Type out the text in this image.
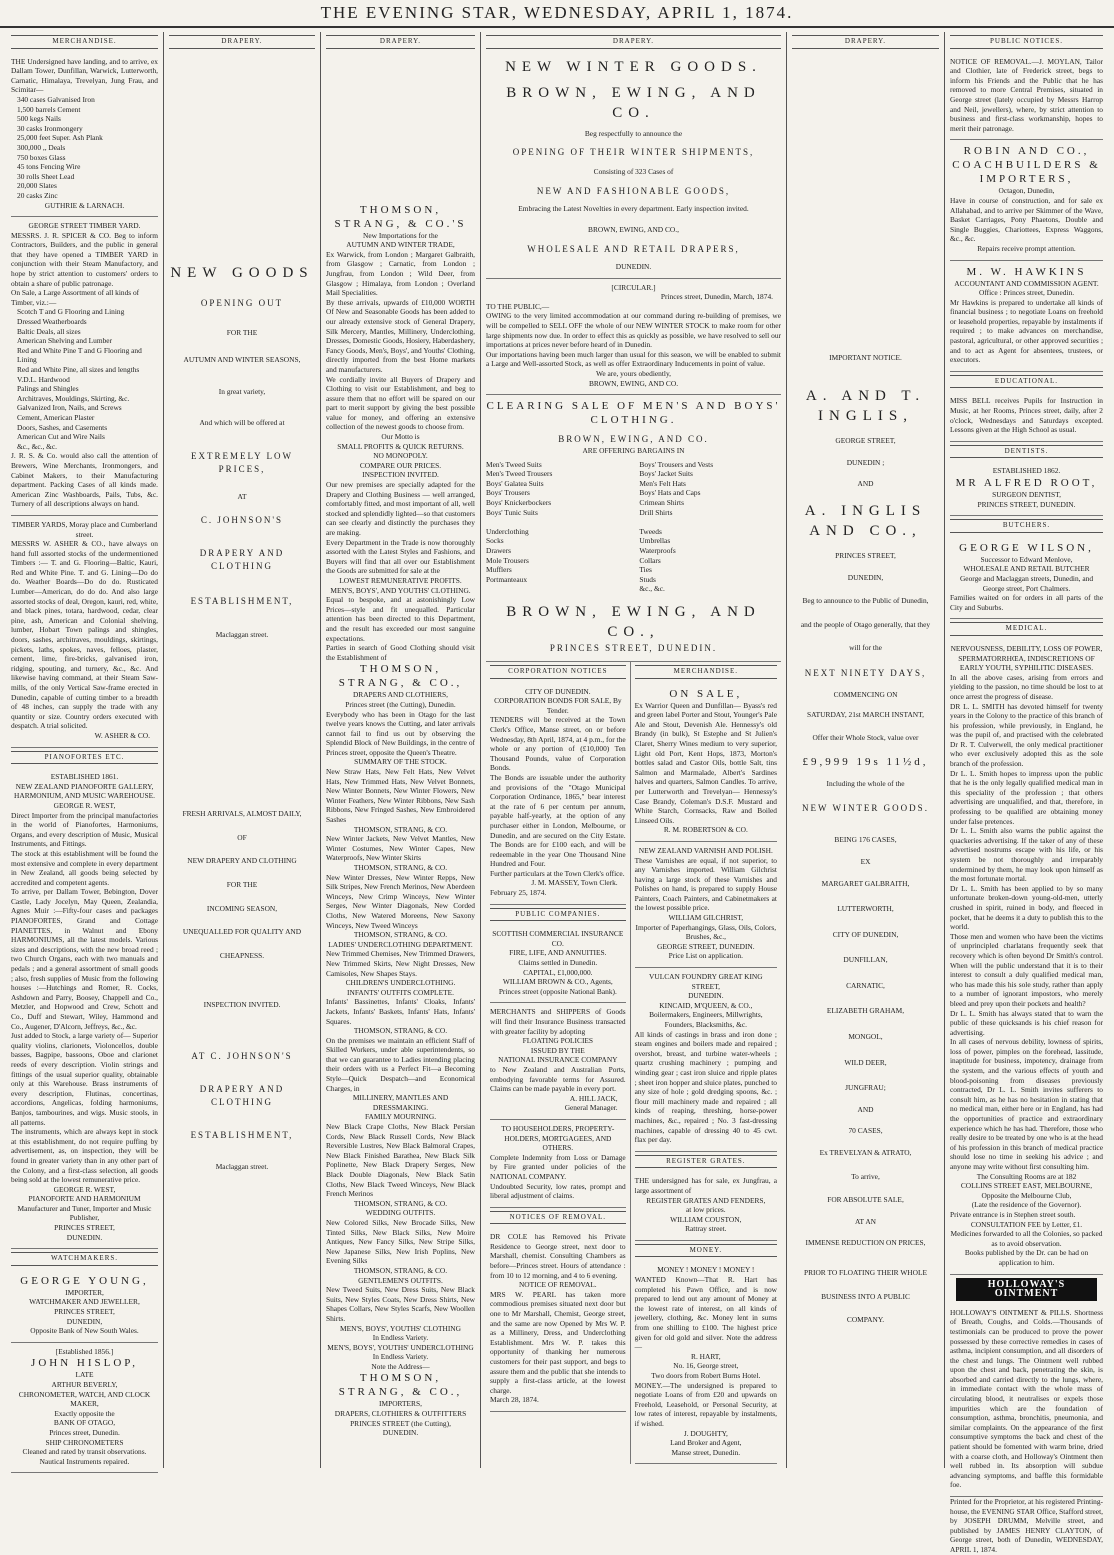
THE EVENING STAR, WEDNESDAY, APRIL 1, 1874.
MERCHANDISE.
THE Undersigned have landing, and to arrive, ex Dallam Tower, Dunfillan, Warwick, Lutterworth, Carnatic, Himalaya, Trevelyan, Jung Frau, and Scimitar—
340 cases Galvanised Iron
1,500 barrels Cement
500 kegs Nails
30 casks Ironmongery
25,000 feet Super. Ash Plank
300,000 ,, Deals
750 boxes Glass
45 tons Fencing Wire
30 rolls Sheet Lead
20,000 Slates
20 casks Zinc
GUTHRIE & LARNACH.
GEORGE STREET TIMBER YARD.
MESSRS. J. R. SPICER & CO. Beg to inform Contractors, Builders, and the public in general that they have opened a TIMBER YARD in conjunction with their Steam Manufactory, and hope by strict attention to customers' orders to obtain a share of public patronage.
On Sale, a Large Assortment of all kinds of Timber, viz.:—
Scotch T and G Flooring and Lining
Dressed Weatherboards
Baltic Deals, all sizes
American Shelving and Lumber
Red and White Pine T and G Flooring and Lining
Red and White Pine, all sizes and lengths
V.D.L. Hardwood
Palings and Shingles
Architraves, Mouldings, Skirting, &c.
Galvanized Iron, Nails, and Screws
Cement, American Plaster
Doors, Sashes, and Casements
American Cut and Wire Nails
&c., &c., &c.
J. R. S. & Co. would also call the attention of Brewers, Wine Merchants, Ironmongers, and Cabinet Makers, to their Manufacturing department. Packing Cases of all kinds made. American Zinc Washboards, Pails, Tubs, &c. Turnery of all descriptions always on hand.
TIMBER YARDS, Moray place and Cumberland street.
MESSRS W. ASHER & CO., have always on hand full assorted stocks of the undermentioned Timbers :— T. and G. Flooring—Baltic, Kauri, Red and White Pine. T. and G. Lining—Do do do. Weather Boards—Do do do. Rusticated Lumber—American, do do do. And also large assorted stocks of deal, Oregon, kauri, red, white, and black pines, totara, hardwood, cedar, clear pine, ash, American and Colonial shelving, lumber, Hobart Town palings and shingles, doors, sashes, architraves, mouldings, skirtings, pickets, laths, spokes, naves, felloes, plaster, cement, lime, fire-bricks, galvanised iron, ridging, spouting, and turnery, &c., &c. And likewise having command, at their Steam Saw-mills, of the only Vertical Saw-frame erected in Dunedin, capable of cutting timber to a breadth of 48 inches, can supply the trade with any quantity or size. Country orders executed with despatch. A trial solicited.
W. ASHER & CO.
PIANOFORTES ETC.
ESTABLISHED 1861.
NEW ZEALAND PIANOFORTE GALLERY, HARMONIUM, AND MUSIC WAREHOUSE.
GEORGE R. WEST,
Direct Importer from the principal manufactories in the world of Pianofortes, Harmoniums, Organs, and every description of Music, Musical Instruments, and Fittings.
The stock at this establishment will be found the most extensive and complete in every department in New Zealand, all goods being selected by accredited and competent agents.
To arrive, per Dallam Tower, Bebington, Dover Castle, Lady Jocelyn, May Queen, Zealandia, Agnes Muir :—Fifty-four cases and packages PIANOFORTES, Grand and Cottage PIANETTES, in Walnut and Ebony HARMONIUMS, all the latest models. Various sizes and descriptions, with the new broad reed ; two Church Organs, each with two manuals and pedals ; and a general assortment of small goods ; also, fresh supplies of Music from the following houses :—Hutchings and Romer, R. Cocks, Ashdown and Parry, Boosey, Chappell and Co., Metzler, and Hopwood and Crew, Schott and Co., Duff and Stewart, Wiley, Hammond and Co., Augener, D'Alcorn, Jeffreys, &c., &c.
Just added to Stock, a large variety of— Superior quality violins, clarionets, Violoncellos, double basses, Bagpipe, bassoons, Oboe and clarionet reeds of every description. Violin strings and fittings of the usual superior quality, obtainable only at this Warehouse. Brass instruments of every description, Flutinas, concertinas, accordions, Angelicas, folding harmoniums, Banjos, tambourines, and wigs. Music stools, in all patterns.
The instruments, which are always kept in stock at this establishment, do not require puffing by advertisement, as, on inspection, they will be found in greater variety than in any other part of the Colony, and a first-class selection, all goods being sold at the lowest remunerative price.
GEORGE R. WEST,
PIANOFORTE AND HARMONIUM
Manufacturer and Tuner, Importer and Music Publisher,
PRINCES STREET,
DUNEDIN.
WATCHMAKERS.
GEORGE YOUNG,
IMPORTER,
WATCHMAKER AND JEWELLER,
PRINCES STREET,
DUNEDIN,
Opposite Bank of New South Wales.
[Established 1856.]
JOHN HISLOP,
LATE
ARTHUR BEVERLY,
CHRONOMETER, WATCH, AND CLOCK MAKER,
Exactly opposite the
BANK OF OTAGO,
Princes street, Dunedin.
SHIP CHRONOMETERS
Cleaned and rated by transit observations. Nautical Instruments repaired.
DRAPERY.
NEW GOODS
OPENING OUT
FOR THE
AUTUMN AND WINTER SEASONS,
In great variety,
And which will be offered at
EXTREMELY LOW PRICES,
AT
C. JOHNSON'S
DRAPERY AND CLOTHING
ESTABLISHMENT,
Maclaggan street.
FRESH ARRIVALS, ALMOST DAILY,
OF
NEW DRAPERY AND CLOTHING
FOR THE
INCOMING SEASON,
UNEQUALLED FOR QUALITY AND
CHEAPNESS.
INSPECTION INVITED.
AT C. JOHNSON'S
DRAPERY AND CLOTHING
ESTABLISHMENT,
Maclaggan street.
DRAPERY.
THOMSON, STRANG, & CO.'S
New Importations for the
AUTUMN AND WINTER TRADE,
Ex Warwick, from London ; Margaret Galbraith, from Glasgow ; Carnatic, from London ; Jungfrau, from London ; Wild Deer, from Glasgow ; Himalaya, from London ; Overland Mail Specialities.
By these arrivals, upwards of £10,000 WORTH Of New and Seasonable Goods has been added to our already extensive stock of General Drapery, Silk Mercery, Mantles, Millinery, Underclothing, Dresses, Domestic Goods, Hosiery, Haberdashery, Fancy Goods, Men's, Boys', and Youths' Clothing, directly imported from the best Home markets and manufacturers.
We cordially invite all Buyers of Drapery and Clothing to visit our Establishment, and beg to assure them that no effort will be spared on our part to merit support by giving the best possible value for money, and offering an extensive collection of the newest goods to choose from.
Our Motto is
SMALL PROFITS & QUICK RETURNS.
NO MONOPOLY.
COMPARE OUR PRICES.
INSPECTION INVITED.
Our new premises are specially adapted for the Drapery and Clothing Business — well arranged, comfortably fitted, and most important of all, well stocked and splendidly lighted—so that customers can see clearly and distinctly the purchases they are making.
Every Department in the Trade is now thoroughly assorted with the Latest Styles and Fashions, and Buyers will find that all over our Establishment the Goods are submitted for sale at the
LOWEST REMUNERATIVE PROFITS.
MEN'S, BOYS', AND YOUTHS' CLOTHING.
Equal to bespoke, and at astonishingly Low Prices—style and fit unequalled. Particular attention has been directed to this Department, and the result has exceeded our most sanguine expectations.
Parties in search of Good Clothing should visit the Establishment of
THOMSON, STRANG, & CO.,
DRAPERS AND CLOTHIERS,
Princes street (the Cutting), Dunedin.
Everybody who has been in Otago for the last twelve years knows the Cutting, and later arrivals cannot fail to find us out by observing the Splendid Block of New Buildings, in the centre of Princes street, opposite the Queen's Theatre.
SUMMARY OF THE STOCK.
New Straw Hats, New Felt Hats, New Velvet Hats, New Trimmed Hats, New Velvet Bonnets, New Winter Bonnets, New Winter Flowers, New Winter Feathers, New Winter Ribbons, New Sash Ribbons, New Fringed Sashes, New Embroidered Sashes
THOMSON, STRANG, & CO.
New Winter Jackets, New Velvet Mantles, New Winter Costumes, New Winter Capes, New Waterproofs, New Winter Skirts
THOMSON, STRANG, & CO.
New Winter Dresses, New Winter Repps, New Silk Stripes, New French Merinos, New Aberdeen Winceys, New Crimp Winceys, New Winter Serges, New Winter Diagonals, New Corded Cloths, New Watered Moreens, New Saxony Winceys, New Tweed Winceys
THOMSON, STRANG, & CO.
LADIES' UNDERCLOTHING DEPARTMENT.
New Trimmed Chemises, New Trimmed Drawers, New Trimmed Skirts, New Night Dresses, New Camisoles, New Shapes Stays.
CHILDREN'S UNDERCLOTHING.
INFANTS' OUTFITS COMPLETE.
Infants' Bassinettes, Infants' Cloaks, Infants' Jackets, Infants' Baskets, Infants' Hats, Infants' Squares.
THOMSON, STRANG, & CO.
On the premises we maintain an efficient Staff of Skilled Workers, under able superintendents, so that we can guarantee to Ladies intending placing their orders with us a Perfect Fit—a Becoming Style—Quick Despatch—and Economical Charges, in
MILLINERY, MANTLES AND DRESSMAKING.
FAMILY MOURNING.
New Black Crape Cloths, New Black Persian Cords, New Black Russell Cords, New Black Reversible Lustres, New Black Balmoral Crapes, New Black Finished Barathea, New Black Silk Poplinette, New Black Drapery Serges, New Black Double Diagonals, New Black Satin Cloths, New Black Tweed Winceys, New Black French Merinos
THOMSON, STRANG, & CO.
WEDDING OUTFITS.
New Colored Silks, New Brocade Silks, New Tinted Silks, New Black Silks, New Moire Antiques, New Fancy Silks, New Stripe Silks, New Japanese Silks, New Irish Poplins, New Evening Silks
THOMSON, STRANG, & CO.
GENTLEMEN'S OUTFITS.
New Tweed Suits, New Dress Suits, New Black Suits, New Styles Coats, New Dress Shirts, New Shapes Collars, New Styles Scarfs, New Woollen Shirts.
MEN'S, BOYS', YOUTHS' CLOTHING
In Endless Variety.
MEN'S, BOYS', YOUTHS' UNDERCLOTHING
In Endless Variety.
Note the Address—
THOMSON, STRANG, & CO.,
IMPORTERS,
DRAPERS, CLOTHIERS & OUTFITTERS
PRINCES STREET (the Cutting),
DUNEDIN.
DRAPERY.
NEW WINTER GOODS.
BROWN, EWING, AND CO.
Beg respectfully to announce the
OPENING OF THEIR WINTER SHIPMENTS,
Consisting of 323 Cases of
NEW AND FASHIONABLE GOODS,
Embracing the Latest Novelties in every department. Early inspection invited.
BROWN, EWING, AND CO.,
WHOLESALE AND RETAIL DRAPERS,
DUNEDIN.
[CIRCULAR.]
Princes street, Dunedin, March, 1874.
TO THE PUBLIC,—
OWING to the very limited accommodation at our command during re-building of premises, we will be compelled to SELL OFF the whole of our NEW WINTER STOCK to make room for other large shipments now due. In order to effect this as quickly as possible, we have resolved to sell our importations at prices never before heard of in Dunedin.
Our importations having been much larger than usual for this season, we will be enabled to submit a Large and Well-assorted Stock, as well as offer Extraordinary Inducements in point of value.
We are, yours obediently,
BROWN, EWING, AND CO.
CLEARING SALE OF MEN'S AND BOYS' CLOTHING.
BROWN, EWING, AND CO.
ARE OFFERING BARGAINS IN
Men's Tweed Suits
Men's Tweed Trousers
Boys' Galatea Suits
Boys' Trousers
Boys' Knickerbockers
Boys' Tunic Suits

Underclothing
Socks
Drawers
Mole Trousers
Mufflers
Portmanteaux
Boys' Trousers and Vests
Boys' Jacket Suits
Men's Felt Hats
Boys' Hats and Caps
Crimean Shirts
Drill Shirts

Tweeds
Umbrellas
Waterproofs
Collars
Ties
Studs
&c., &c.
BROWN, EWING, AND CO.,
PRINCES STREET, DUNEDIN.
CORPORATION NOTICES
CITY OF DUNEDIN.
CORPORATION BONDS FOR SALE, By Tender.
TENDERS will be received at the Town Clerk's Office, Manse street, on or before Wednesday, 8th April, 1874, at 4 p.m., for the whole or any portion of (£10,000) Ten Thousand Pounds, value of Corporation Bonds.
The Bonds are issuable under the authority and provisions of the "Otago Municipal Corporation Ordinance, 1865," bear interest at the rate of 6 per centum per annum, payable half-yearly, at the option of any purchaser either in London, Melbourne, or Dunedin, and are secured on the City Estate. The Bonds are for £100 each, and will be redeemable in the year One Thousand Nine Hundred and Four.
Further particulars at the Town Clerk's office.
J. M. MASSEY, Town Clerk.
February 25, 1874.
PUBLIC COMPANIES.
SCOTTISH COMMERCIAL INSURANCE CO.
FIRE, LIFE, AND ANNUITIES.
Claims settled in Dunedin.
CAPITAL, £1,000,000.
WILLIAM BROWN & CO., Agents,
Princes street (opposite National Bank).
MERCHANTS and SHIPPERS of Goods will find their Insurance Business transacted with greater facility by adopting
FLOATING POLICIES
ISSUED BY THE
NATIONAL INSURANCE COMPANY
to New Zealand and Australian Ports, embodying favorable terms for Assured. Claims can be made payable in every port.
A. HILL JACK,
General Manager.
TO HOUSEHOLDERS, PROPERTY-HOLDERS, MORTGAGEES, AND OTHERS.
Complete Indemnity from Loss or Damage by Fire granted under policies of the NATIONAL COMPANY.
Undoubted Security, low rates, prompt and liberal adjustment of claims.
NOTICES OF REMOVAL.
DR COLE has Removed his Private Residence to George street, next door to Marshall, chemist. Consulting Chambers as before—Princes street. Hours of attendance : from 10 to 12 morning, and 4 to 6 evening.
NOTICE OF REMOVAL.
MRS W. PEARL has taken more commodious premises situated next door but one to Mr Marshall, Chemist, George street, and the same are now Opened by Mrs W. P. as a Millinery, Dress, and Underclothing Establishment. Mrs W. P. takes this opportunity of thanking her numerous customers for their past support, and begs to assure them and the public that she intends to supply a first-class article, at the lowest charge.
March 28, 1874.
MERCHANDISE.
ON SALE,
Ex Warrior Queen and Dunfillan— Byass's red and green label Porter and Stout, Younger's Pale Ale and Stout, Devenish Ale. Hennessy's old Brandy (in bulk), St Estephe and St Julien's Claret, Sherry Wines medium to very superior, Light old Port, Kent Hops, 1873, Morton's bottles salad and Castor Oils, bottle Salt, tins Salmon and Marmalade, Albert's Sardines halves and quarters, Salmon Candles. To arrive, per Lutterworth and Trevelyan— Hennessy's Case Brandy, Coleman's D.S.F. Mustard and White Starch, Cornsacks, Raw and Boiled Linseed Oils.
R. M. ROBERTSON & CO.
NEW ZEALAND VARNISH AND POLISH.
These Varnishes are equal, if not superior, to any Varnishes imported. William Gilchrist having a large stock of these Varnishes and Polishes on hand, is prepared to supply House Painters, Coach Painters, and Cabinetmakers at the lowest possible price.
WILLIAM GILCHRIST,
Importer of Paperhangings, Glass, Oils, Colors, Brushes, &c.,
GEORGE STREET, DUNEDIN.
Price List on application.
VULCAN FOUNDRY GREAT KING STREET,
DUNEDIN.
KINCAID, M'QUEEN, & CO.,
Boilermakers, Engineers, Millwrights, Founders, Blacksmiths, &c.
All kinds of castings in brass and iron done ; steam engines and boilers made and repaired ; overshot, breast, and turbine water-wheels ; quartz crushing machinery ; pumping and winding gear ; cast iron sluice and ripple plates ; sheet iron hopper and sluice plates, punched to any size of hole ; gold dredging spoons, &c. ; flour mill machinery made and repaired ; all kinds of reaping, threshing, horse-power machines, &c., repaired ; No. 3 fast-dressing machines, capable of dressing 40 to 45 cwt. flax per day.
REGISTER GRATES.
THE undersigned has for sale, ex Jungfrau, a large assortment of
REGISTER GRATES AND FENDERS,
at low prices.
WILLIAM COUSTON,
Rattray street.
MONEY.
MONEY ! MONEY ! MONEY !
WANTED Known—That R. Hart has completed his Pawn Office, and is now prepared to lend out any amount of Money at the lowest rate of interest, on all kinds of jewellery, clothing, &c. Money lent in sums from one shilling to £100. The highest price given for old gold and silver. Note the address—
R. HART,
No. 16, George street,
Two doors from Robert Burns Hotel.
MONEY.—The undersigned is prepared to negotiate Loans of from £20 and upwards on Freehold, Leasehold, or Personal Security, at low rates of interest, repayable by instalments, if wished.
J. DOUGHTY,
Land Broker and Agent,
Manse street, Dunedin.
DRAPERY.
IMPORTANT NOTICE.
A. AND T. INGLIS,
GEORGE STREET,
DUNEDIN ;
AND
A. INGLIS AND CO.,
PRINCES STREET,
DUNEDIN,
Beg to announce to the Public of Dunedin,
and the people of Otago generally, that they
will for the
NEXT NINETY DAYS,
COMMENCING ON
SATURDAY, 21st MARCH INSTANT,
Offer their Whole Stock, value over
£9,999 19s 11½d,
Including the whole of the
NEW WINTER GOODS.
BEING 176 CASES,
EX
MARGARET GALBRAITH,
LUTTERWORTH,
CITY OF DUNEDIN,
DUNFILLAN,
CARNATIC,
ELIZABETH GRAHAM,
MONGOL,
WILD DEER,
JUNGFRAU;
AND
70 CASES,
Ex TREVELYAN & ATRATO,
To arrive,
FOR ABSOLUTE SALE,
AT AN
IMMENSE REDUCTION ON PRICES,
PRIOR TO FLOATING THEIR WHOLE
BUSINESS INTO A PUBLIC
COMPANY.
PUBLIC NOTICES.
NOTICE OF REMOVAL.—J. MOYLAN, Tailor and Clothier, late of Frederick street, begs to inform his Friends and the Public that he has removed to more Central Premises, situated in George street (lately occupied by Messrs Harrop and Neil, jewellers), where, by strict attention to business and first-class workmanship, hopes to merit their patronage.
ROBIN AND CO., COACHBUILDERS & IMPORTERS,
Octagon, Dunedin,
Have in course of construction, and for sale ex Allahabad, and to arrive per Skimmer of the Wave, Basket Carriages, Pony Phaetons, Double and Single Buggies, Chariottees, Express Waggons, &c., &c.
Repairs receive prompt attention.
M. W. HAWKINS
ACCOUNTANT AND COMMISSION AGENT.
Office : Princes street, Dunedin.
Mr Hawkins is prepared to undertake all kinds of financial business ; to negotiate Loans on freehold or leasehold properties, repayable by instalments if required ; to make advances on merchandise, pastoral, agricultural, or other approved securities ; and to act as Agent for absentees, trustees, or executors.
EDUCATIONAL.
MISS BELL receives Pupils for Instruction in Music, at her Rooms, Princes street, daily, after 2 o'clock, Wednesdays and Saturdays excepted. Lessons given at the High School as usual.
DENTISTS.
ESTABLISHED 1862.
MR ALFRED ROOT,
SURGEON DENTIST,
PRINCES STREET, DUNEDIN.
BUTCHERS.
GEORGE WILSON,
Successor to Edward Menlove,
WHOLESALE AND RETAIL BUTCHER
George and Maclaggan streets, Dunedin, and George street, Port Chalmers.
Families waited on for orders in all parts of the City and Suburbs.
MEDICAL.
NERVOUSNESS, DEBILITY, LOSS OF POWER, SPERMATORRHŒA, INDISCRETIONS OF EARLY YOUTH, SYPHILITIC DISEASES.
In all the above cases, arising from errors and yielding to the passion, no time should be lost to at once arrest the progress of disease.
DR L. L. SMITH has devoted himself for twenty years in the Colony to the practice of this branch of his profession, while previously, in England, he was the pupil of, and practised with the celebrated Dr R. T. Culverwell, the only medical practitioner who ever exclusively adopted this as the sole branch of the profession.
Dr L. L. Smith hopes to impress upon the public that he is the only legally qualified medical man in this speciality of the profession ; that others advertising are unqualified, and that, therefore, in professing to be qualified are obtaining money under false pretences.
Dr L. L. Smith also warns the public against the quackeries advertising. If the taker of any of these advertised nostrums escape with his life, or his system be not thoroughly and irreparably undermined by them, he may look upon himself as the most fortunate mortal.
Dr L. L. Smith has been applied to by so many unfortunate broken-down young-old-men, utterly crushed in spirit, ruined in body, and fleeced in pocket, that he deems it a duty to publish this to the world.
Those men and women who have been the victims of unprincipled charlatans frequently seek that recovery which is often beyond Dr Smith's control. When will the public understand that it is to their interest to consult a duly qualified medical man, who has made this his sole study, rather than apply to a number of ignorant impostors, who merely bleed and prey upon their pockets and health?
Dr L. L. Smith has always stated that to warn the public of these quicksands is his chief reason for advertising.
In all cases of nervous debility, lowness of spirits, loss of power, pimples on the forehead, lassitude, inaptitude for business, impotency, drainage from the system, and the various effects of youth and blood-poisoning from diseases previously contracted, Dr L. L. Smith invites sufferers to consult him, as he has no hesitation in stating that no medical man, either here or in England, has had the opportunities of practice and extraordinary experience which he has had. Therefore, those who really desire to be treated by one who is at the head of his profession in this branch of medical practice should lose no time in seeking his advice ; and anyone may write without first consulting him.
The Consulting Rooms are at 182
COLLINS STREET EAST, MELBOURNE,
Opposite the Melbourne Club,
(Late the residence of the Governor).
Private entrance is in Stephen street south.
CONSULTATION FEE by Letter, £1.
Medicines forwarded to all the Colonies, so packed as to avoid observation.
Books published by the Dr. can be had on application to him.
HOLLOWAY'S OINTMENT
HOLLOWAY'S OINTMENT & PILLS. Shortness of Breath, Coughs, and Colds.—Thousands of testimonials can be produced to prove the power possessed by these corrective remedies in cases of asthma, incipient consumption, and all disorders of the chest and lungs. The Ointment well rubbed upon the chest and back, penetrating the skin, is absorbed and carried directly to the lungs, where, in immediate contact with the whole mass of circulating blood, it neutralises or expels those impurities which are the foundation of consumption, asthma, bronchitis, pneumonia, and similar complaints. On the appearance of the first consumptive symptoms the back and chest of the patient should be fomented with warm brine, dried with a coarse cloth, and Holloway's Ointment then well rubbed in. Its absorption will subdue advancing symptoms, and baffle this formidable foe.
Printed for the Proprietor, at his registered Printing-house, the EVENING STAR Office, Stafford street, by JOSEPH DRUMM, Melville street, and published by JAMES HENRY CLAYTON, of George street, both of Dunedin, WEDNESDAY, APRIL 1, 1874.
